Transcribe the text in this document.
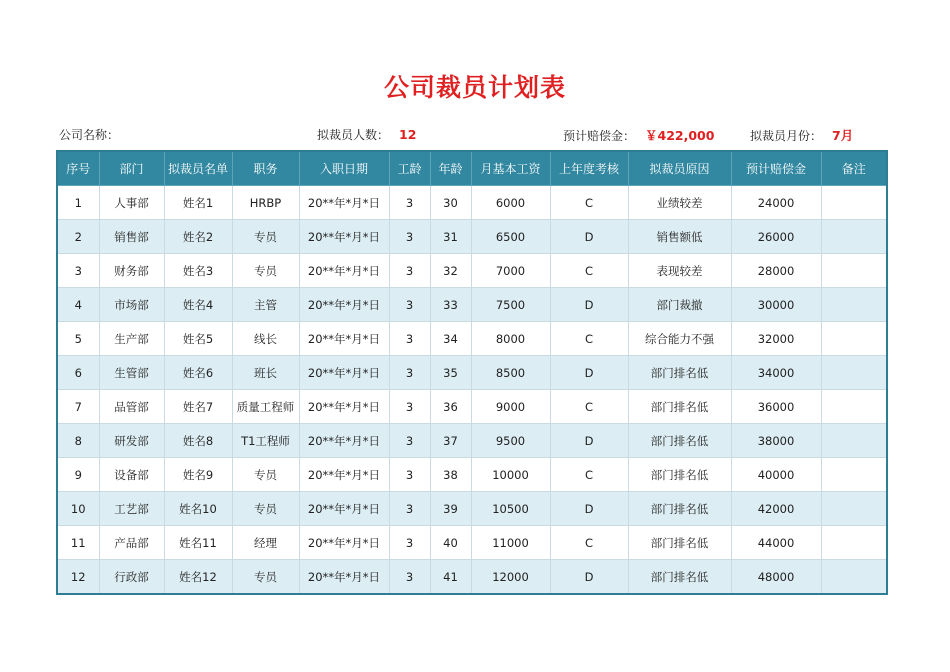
公司裁员计划表
公司名称：	拟裁员人数： 12	预计赔偿金： ￥422,000	拟裁员月份： 7月
序号	部门	拟裁员名单	职务	入职日期	工龄	年龄	月基本工资	上年度考核	拟裁员原因	预计赔偿金	备注
1	人事部	姓名1	HRBP	20**年*月*日	3	30	6000	C	业绩较差	24000	
2	销售部	姓名2	专员	20**年*月*日	3	31	6500	D	销售额低	26000	
3	财务部	姓名3	专员	20**年*月*日	3	32	7000	C	表现较差	28000	
4	市场部	姓名4	主管	20**年*月*日	3	33	7500	D	部门裁撤	30000	
5	生产部	姓名5	线长	20**年*月*日	3	34	8000	C	综合能力不强	32000	
6	生管部	姓名6	班长	20**年*月*日	3	35	8500	D	部门排名低	34000	
7	品管部	姓名7	质量工程师	20**年*月*日	3	36	9000	C	部门排名低	36000	
8	研发部	姓名8	T1工程师	20**年*月*日	3	37	9500	D	部门排名低	38000	
9	设备部	姓名9	专员	20**年*月*日	3	38	10000	C	部门排名低	40000	
10	工艺部	姓名10	专员	20**年*月*日	3	39	10500	D	部门排名低	42000	
11	产品部	姓名11	经理	20**年*月*日	3	40	11000	C	部门排名低	44000	
12	行政部	姓名12	专员	20**年*月*日	3	41	12000	D	部门排名低	48000	
